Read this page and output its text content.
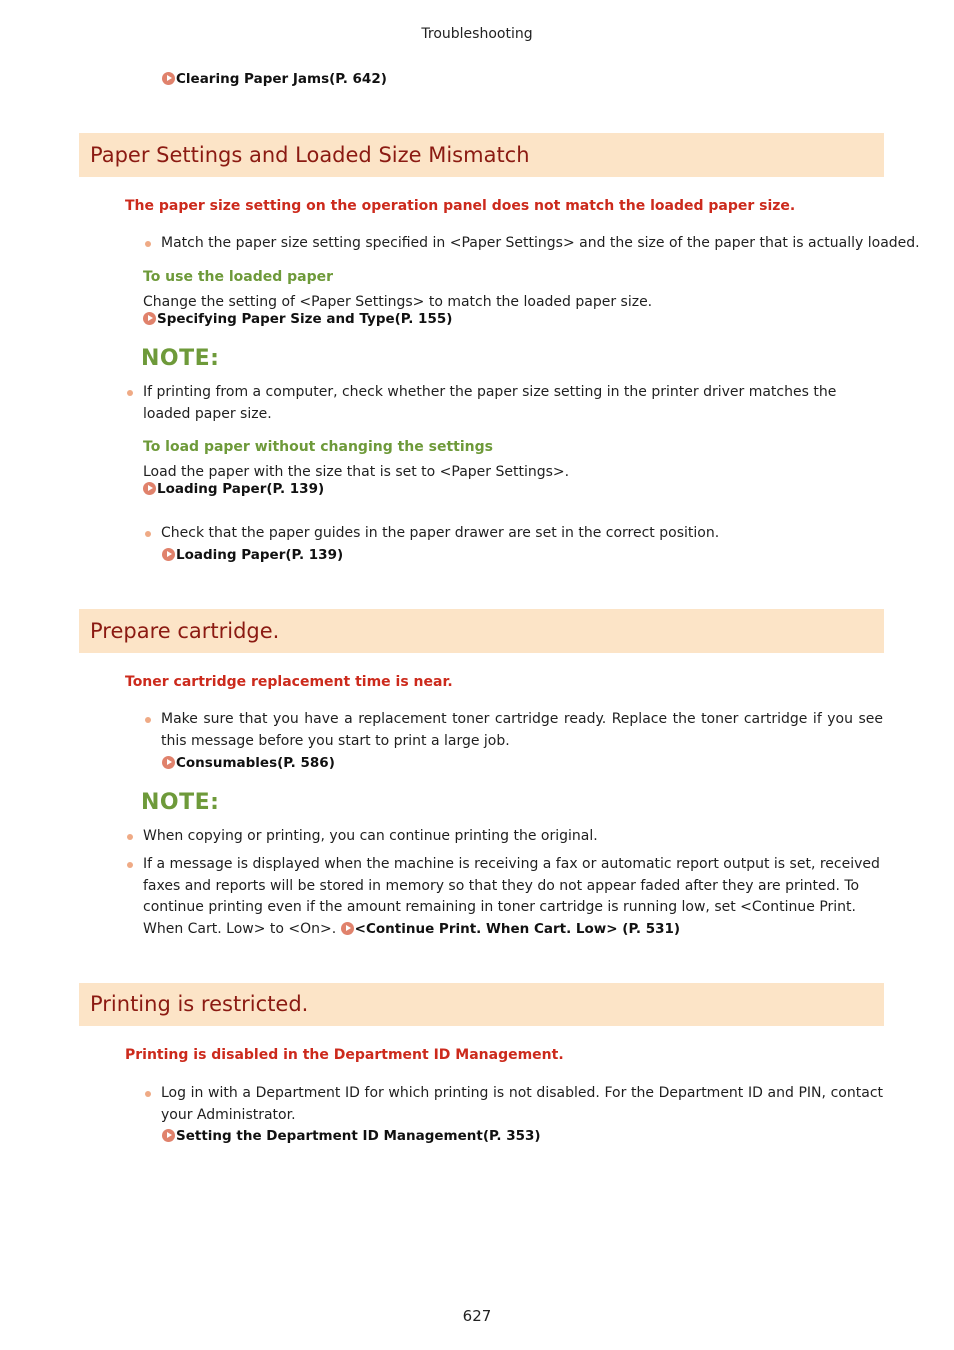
Troubleshooting
Clearing Paper Jams(P. 642)
Paper Settings and Loaded Size Mismatch
The paper size setting on the operation panel does not match the loaded paper size.
Match the paper size setting specified in <Paper Settings> and the size of the paper that is actually loaded.
To use the loaded paper
Change the setting of <Paper Settings> to match the loaded paper size.
Specifying Paper Size and Type(P. 155)
NOTE:
If printing from a computer, check whether the paper size setting in the printer driver matches the loaded paper size.
To load paper without changing the settings
Load the paper with the size that is set to <Paper Settings>.
Loading Paper(P. 139)
Check that the paper guides in the paper drawer are set in the correct position.
Loading Paper(P. 139)
Prepare cartridge.
Toner cartridge replacement time is near.
Make sure that you have a replacement toner cartridge ready. Replace the toner cartridge if you see this message before you start to print a large job.
Consumables(P. 586)
NOTE:
When copying or printing, you can continue printing the original.
If a message is displayed when the machine is receiving a fax or automatic report output is set, received faxes and reports will be stored in memory so that they do not appear faded after they are printed. To continue printing even if the amount remaining in toner cartridge is running low, set <Continue Print. When Cart. Low> to <On>. <Continue Print. When Cart. Low> (P. 531)
Printing is restricted.
Printing is disabled in the Department ID Management.
Log in with a Department ID for which printing is not disabled. For the Department ID and PIN, contact your Administrator.
Setting the Department ID Management(P. 353)
627
